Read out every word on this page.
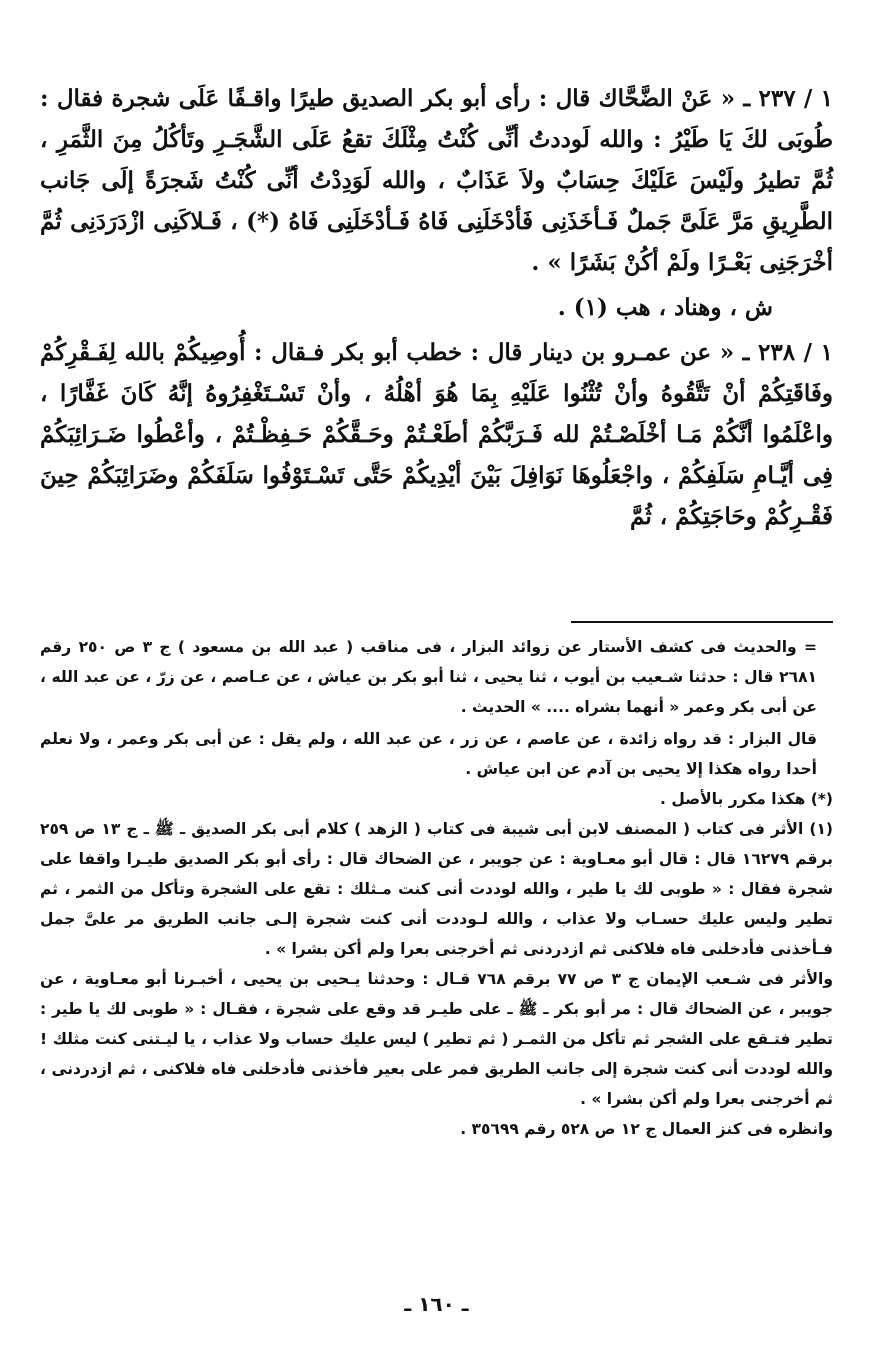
١ / ٢٣٧ ـ « عَنْ الضَّحَّاك قال : رأى أبو بكر الصديق طيرًا واقـفًا عَلَى شجرة فقال : طُوبَى لكَ يَا طَيْرُ : والله لَوددتُ أنِّى كُنْتُ مِثْلَكَ تقعُ عَلَى الشَّجَـرِ وتَأكُلُ مِنَ الثَّمَرِ ، ثُمَّ تطيرُ ولَيْسَ عَلَيْكَ حِسَابٌ ولاَ عَذَابٌ ، والله لَوَدِدْتُ أنِّى كُنْتُ شَجرَةً إلَى جَانب الطَّرِيقِ مَرَّ عَلَىَّ جَملٌ فَـأخَذَنِى فَأدْخَلَنِى فَاهُ فَـأدْخَلَنِى فَاهُ (*) ، فَـلاكَنِى ازْدَرَدَنِى ثُمَّ أخْرَجَنِى بَعْـرًا ولَمْ أكُنْ بَشَرًا » .

ش ، وهناد ، هب (١) .

١ / ٢٣٨ ـ « عن عمـرو بن دينار قال : خطب أبو بكر فـقال : أُوصِيكُمْ بالله لِفَـقْرِكُمْ وفَاقَتِكُمْ أنْ تَتَّقُوهُ وأنْ تُثْنُوا عَلَيْهِ بِمَا هُوَ أهْلُهُ ، وأنْ تَسْـتَغْفِرُوهُ إنَّهُ كَانَ غَفَّارًا ، واعْلَمُوا أنَّكُمْ مَـا أخْلَصْـتُمْ لله فَـرَبَّكُمْ أطَعْـتُمْ وحَـقَّكُمْ حَـفِظْـتُمْ ، وأعْطُوا ضَـرَائِبَكُمْ فِى أيَّـامِ سَلَفِكُمْ ، واجْعَلُوهَا نَوَافِلَ بَيْنَ أيْدِيكُمْ حَتَّى تَسْـتَوْفُوا سَلَفَكُمْ وضَرَائِبَكُمْ حِينَ فَقْـرِكُمْ وحَاجَتِكُمْ ، ثُمَّ

= والحديث فى كشف الأستار عن زوائد البزار ، فى مناقب ( عبد الله بن مسعود ) ج ٣ ص ٢٥٠ رقم ٢٦٨١ قال : حدثنا شـعيب بن أيوب ، ثنا يحيى ، ثنا أبو بكر بن عياش ، عن عـاصم ، عن زرّ ، عن عبد الله ، عن أبى بكر وعمر « أنهما بشراه .... » الحديث .

قال البزار : قد رواه زائدة ، عن عاصم ، عن زر ، عن عبد الله ، ولم يقل : عن أبى بكر وعمر ، ولا نعلم أحدا رواه هكذا إلا يحيى بن آدم عن ابن عياش .

(*) هكذا مكرر بالأصل .

(١) الأثر فى كتاب ( المصنف لابن أبى شيبة فى كتاب ( الزهد ) كلام أبى بكر الصديق ـ ﷺ ـ ج ١٣ ص ٢٥٩ برقم ١٦٢٧٩ قال : قال أبو معـاوية : عن جويبر ، عن الضحاك قال : رأى أبو بكر الصديق طيـرا واقفا على شجرة فقال : « طوبى لك يا طير ، والله لوددت أنى كنت مـثلك : تقع على الشجرة وتأكل من الثمر ، ثم تطير وليس عليك حسـاب ولا عذاب ، والله لـوددت أنى كنت شجرة إلـى جانب الطريق مر علىَّ جمل فـأخذنى فأدخلنى فاه فلاكنى ثم ازدردنى ثم أخرجنى بعرا ولم أكن بشرا » .

والأثر فى شـعب الإيمان ج ٣ ص ٧٧ برقم ٧٦٨ قـال : وحدثنا يـحيى بن يحيى ، أخبـرنا أبو معـاوية ، عن جويبر ، عن الضحاك قال : مر أبو بكر ـ ﷺ ـ على طيـر قد وقع على شجرة ، فقـال : « طوبى لك يا طير : تطير فتـقع على الشجر ثم تأكل من الثمـر ( ثم تطير ) ليس عليك حساب ولا عذاب ، يا ليـتنى كنت مثلك ! والله لوددت أنى كنت شجرة إلى جانب الطريق فمر على بعير فأخذنى فأدخلنى فاه فلاكنى ، ثم ازدردنى ، ثم أخرجنى بعرا ولم أكن بشرا » .

وانظره فى كنز العمال ج ١٢ ص ٥٢٨ رقم ٣٥٦٩٩ .

ـ ١٦٠ ـ
